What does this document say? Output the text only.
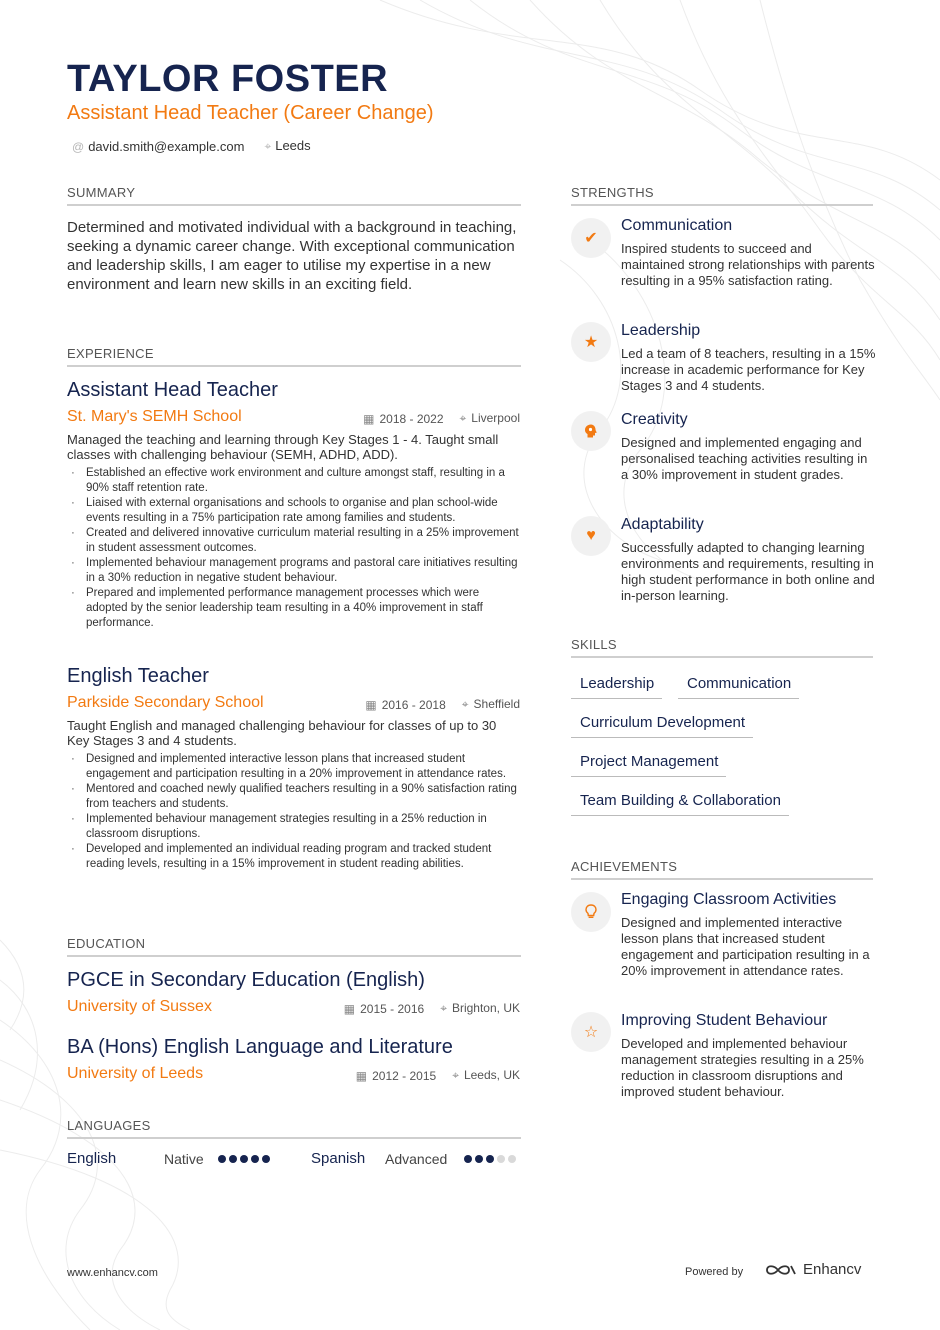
TAYLOR FOSTER
Assistant Head Teacher (Career Change)
@ david.smith@example.com ⌖ Leeds
SUMMARY
Determined and motivated individual with a background in teaching, seeking a dynamic career change. With exceptional communication and leadership skills, I am eager to utilise my expertise in a new environment and learn new skills in an exciting field.
EXPERIENCE
Assistant Head Teacher
St. Mary's SEMH School	▦ 2018 - 2022 ⌖ Liverpool
Managed the teaching and learning through Key Stages 1 - 4. Taught small classes with challenging behaviour (SEMH, ADHD, ADD).
· Established an effective work environment and culture amongst staff, resulting in a 90% staff retention rate.
· Liaised with external organisations and schools to organise and plan school-wide events resulting in a 75% participation rate among families and students.
· Created and delivered innovative curriculum material resulting in a 25% improvement in student assessment outcomes.
· Implemented behaviour management programs and pastoral care initiatives resulting in a 30% reduction in negative student behaviour.
· Prepared and implemented performance management processes which were adopted by the senior leadership team resulting in a 40% improvement in staff performance.
English Teacher
Parkside Secondary School	▦ 2016 - 2018 ⌖ Sheffield
Taught English and managed challenging behaviour for classes of up to 30 Key Stages 3 and 4 students.
· Designed and implemented interactive lesson plans that increased student engagement and participation resulting in a 20% improvement in attendance rates.
· Mentored and coached newly qualified teachers resulting in a 90% satisfaction rating from teachers and students.
· Implemented behaviour management strategies resulting in a 25% reduction in classroom disruptions.
· Developed and implemented an individual reading program and tracked student reading levels, resulting in a 15% improvement in student reading abilities.
EDUCATION
PGCE in Secondary Education (English)
University of Sussex	▦ 2015 - 2016 ⌖ Brighton, UK
BA (Hons) English Language and Literature
University of Leeds	▦ 2012 - 2015 ⌖ Leeds, UK
LANGUAGES
English	Native	Spanish	Advanced
STRENGTHS
✔
Communication
Inspired students to succeed and maintained strong relationships with parents resulting in a 95% satisfaction rating.
★
Leadership
Led a team of 8 teachers, resulting in a 15% increase in academic performance for Key Stages 3 and 4 students.
Creativity
Designed and implemented engaging and personalised teaching activities resulting in a 30% improvement in student grades.
♥
Adaptability
Successfully adapted to changing learning environments and requirements, resulting in high student performance in both online and in-person learning.
SKILLS
Leadership	Communication
Curriculum Development
Project Management
Team Building & Collaboration
ACHIEVEMENTS
Engaging Classroom Activities
Designed and implemented interactive lesson plans that increased student engagement and participation resulting in a 20% improvement in attendance rates.
☆
Improving Student Behaviour
Developed and implemented behaviour management strategies resulting in a 25% reduction in classroom disruptions and improved student behaviour.
www.enhancv.com	Powered by	Enhancv
